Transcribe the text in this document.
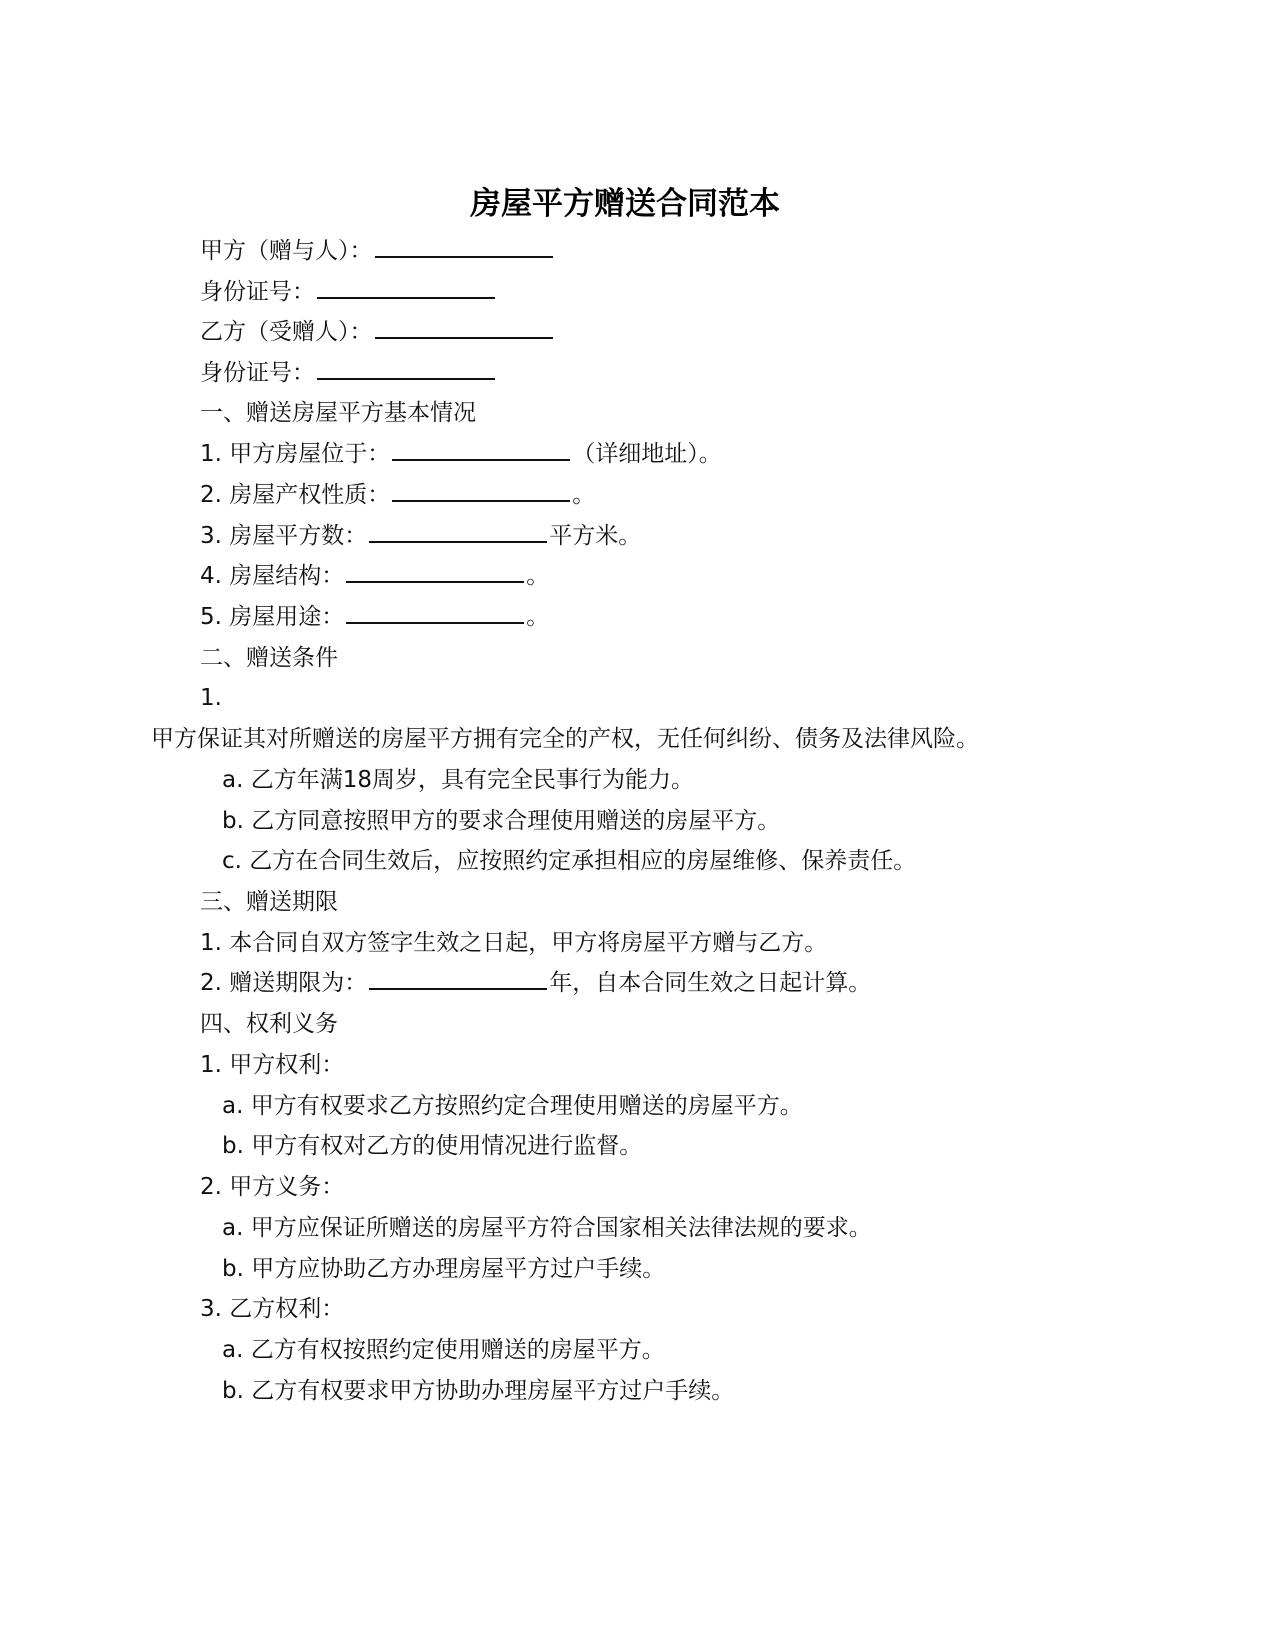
房屋平方赠送合同范本
甲方（赠与人）：
身份证号：
乙方（受赠人）：
身份证号：
一、赠送房屋平方基本情况
1. 甲方房屋位于：	（详细地址）。
2. 房屋产权性质：	。
3. 房屋平方数：	平方米。
4. 房屋结构：	。
5. 房屋用途：	。
二、赠送条件
1.
甲方保证其对所赠送的房屋平方拥有完全的产权，无任何纠纷、债务及法律风险。
a. 乙方年满18周岁，具有完全民事行为能力。
b. 乙方同意按照甲方的要求合理使用赠送的房屋平方。
c. 乙方在合同生效后，应按照约定承担相应的房屋维修、保养责任。
三、赠送期限
1. 本合同自双方签字生效之日起，甲方将房屋平方赠与乙方。
2. 赠送期限为：	年，自本合同生效之日起计算。
四、权利义务
1. 甲方权利：
a. 甲方有权要求乙方按照约定合理使用赠送的房屋平方。
b. 甲方有权对乙方的使用情况进行监督。
2. 甲方义务：
a. 甲方应保证所赠送的房屋平方符合国家相关法律法规的要求。
b. 甲方应协助乙方办理房屋平方过户手续。
3. 乙方权利：
a. 乙方有权按照约定使用赠送的房屋平方。
b. 乙方有权要求甲方协助办理房屋平方过户手续。
